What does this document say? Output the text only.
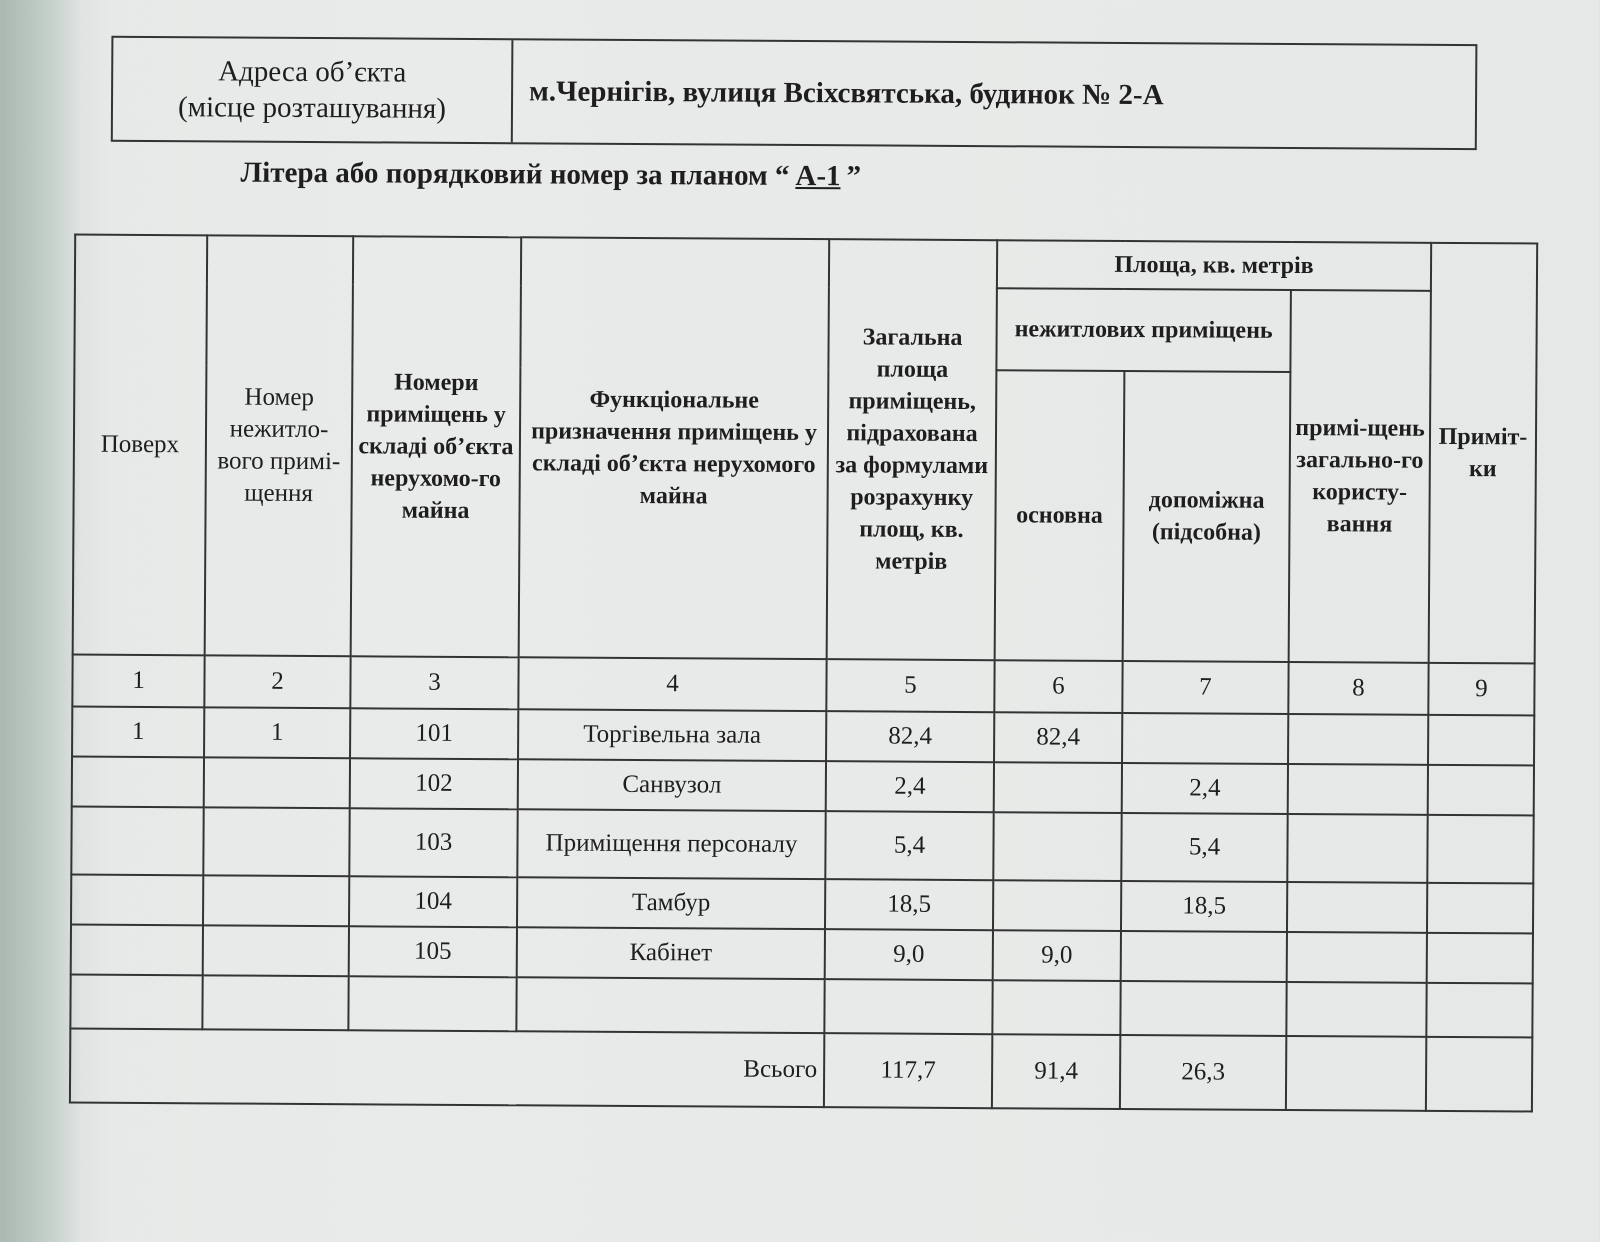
Адреса об’єкта
(місце розташування)	м.Чернігів, вулиця Всіхсвятська, будинок № 2-А
Літера або порядковий номер за планом “ А-1 ”
Поверх	Номер нежитло-вого примі-щення	Номери приміщень у складі об’єкта нерухомо-го майна	Функціональне призначення приміщень у складі об’єкта нерухомого майна	Загальна площа приміщень, підрахована за формулами розрахунку площ, кв. метрів	Площа, кв. метрів			Приміт-ки
					нежитлових приміщень		примі-щень загально-го користу-вання	
					основна	допоміжна (підсобна)		
1	2	3	4	5	6	7	8	9
1	1	101	Торгівельна зала	82,4	82,4			
		102	Санвузол	2,4		2,4		
		103	Приміщення персоналу	5,4		5,4		
		104	Тамбур	18,5		18,5		
		105	Кабінет	9,0	9,0			

Всього				117,7	91,4	26,3		
